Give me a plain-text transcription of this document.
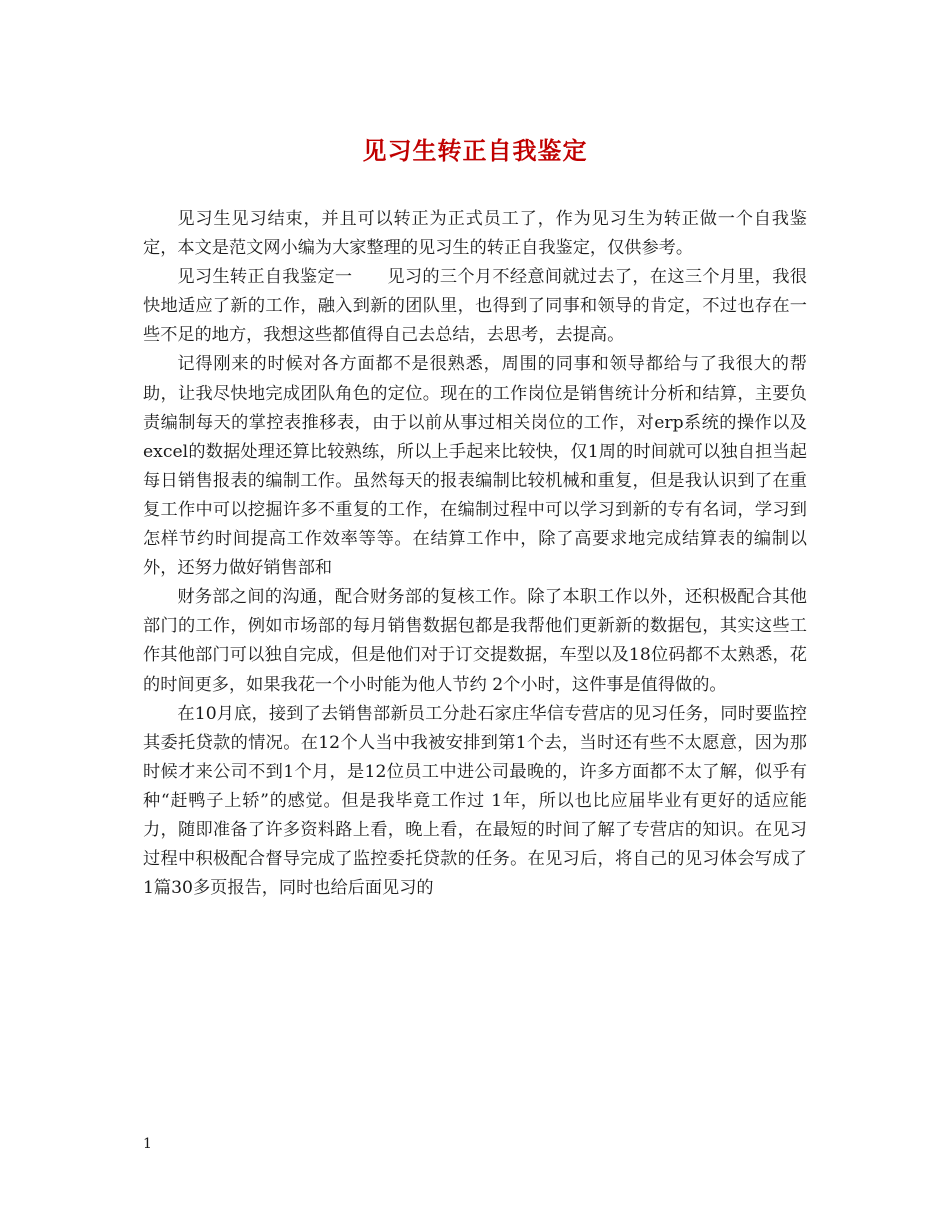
见习生转正自我鉴定

见习生见习结束，并且可以转正为正式员工了，作为见习生为转正做一个自我鉴定，本文是范文网小编为大家整理的见习生的转正自我鉴定，仅供参考。

见习生转正自我鉴定一　　见习的三个月不经意间就过去了，在这三个月里，我很快地适应了新的工作，融入到新的团队里，也得到了同事和领导的肯定，不过也存在一些不足的地方，我想这些都值得自己去总结，去思考，去提高。

记得刚来的时候对各方面都不是很熟悉，周围的同事和领导都给与了我很大的帮助，让我尽快地完成团队角色的定位。现在的工作岗位是销售统计分析和结算，主要负责编制每天的掌控表推移表，由于以前从事过相关岗位的工作，对erp系统的操作以及excel的数据处理还算比较熟练，所以上手起来比较快，仅1周的时间就可以独自担当起每日销售报表的编制工作。虽然每天的报表编制比较机械和重复，但是我认识到了在重复工作中可以挖掘许多不重复的工作，在编制过程中可以学习到新的专有名词，学习到怎样节约时间提高工作效率等等。在结算工作中，除了高要求地完成结算表的编制以外，还努力做好销售部和

财务部之间的沟通，配合财务部的复核工作。除了本职工作以外，还积极配合其他部门的工作，例如市场部的每月销售数据包都是我帮他们更新新的数据包，其实这些工作其他部门可以独自完成，但是他们对于订交提数据，车型以及18位码都不太熟悉，花的时间更多，如果我花一个小时能为他人节约 2个小时，这件事是值得做的。

在10月底，接到了去销售部新员工分赴石家庄华信专营店的见习任务，同时要监控其委托贷款的情况。在12个人当中我被安排到第1个去，当时还有些不太愿意，因为那时候才来公司不到1个月，是12位员工中进公司最晚的，许多方面都不太了解，似乎有种“赶鸭子上轿”的感觉。但是我毕竟工作过 1年，所以也比应届毕业有更好的适应能力，随即准备了许多资料路上看，晚上看，在最短的时间了解了专营店的知识。在见习过程中积极配合督导完成了监控委托贷款的任务。在见习后，将自己的见习体会写成了1篇30多页报告，同时也给后面见习的

1
